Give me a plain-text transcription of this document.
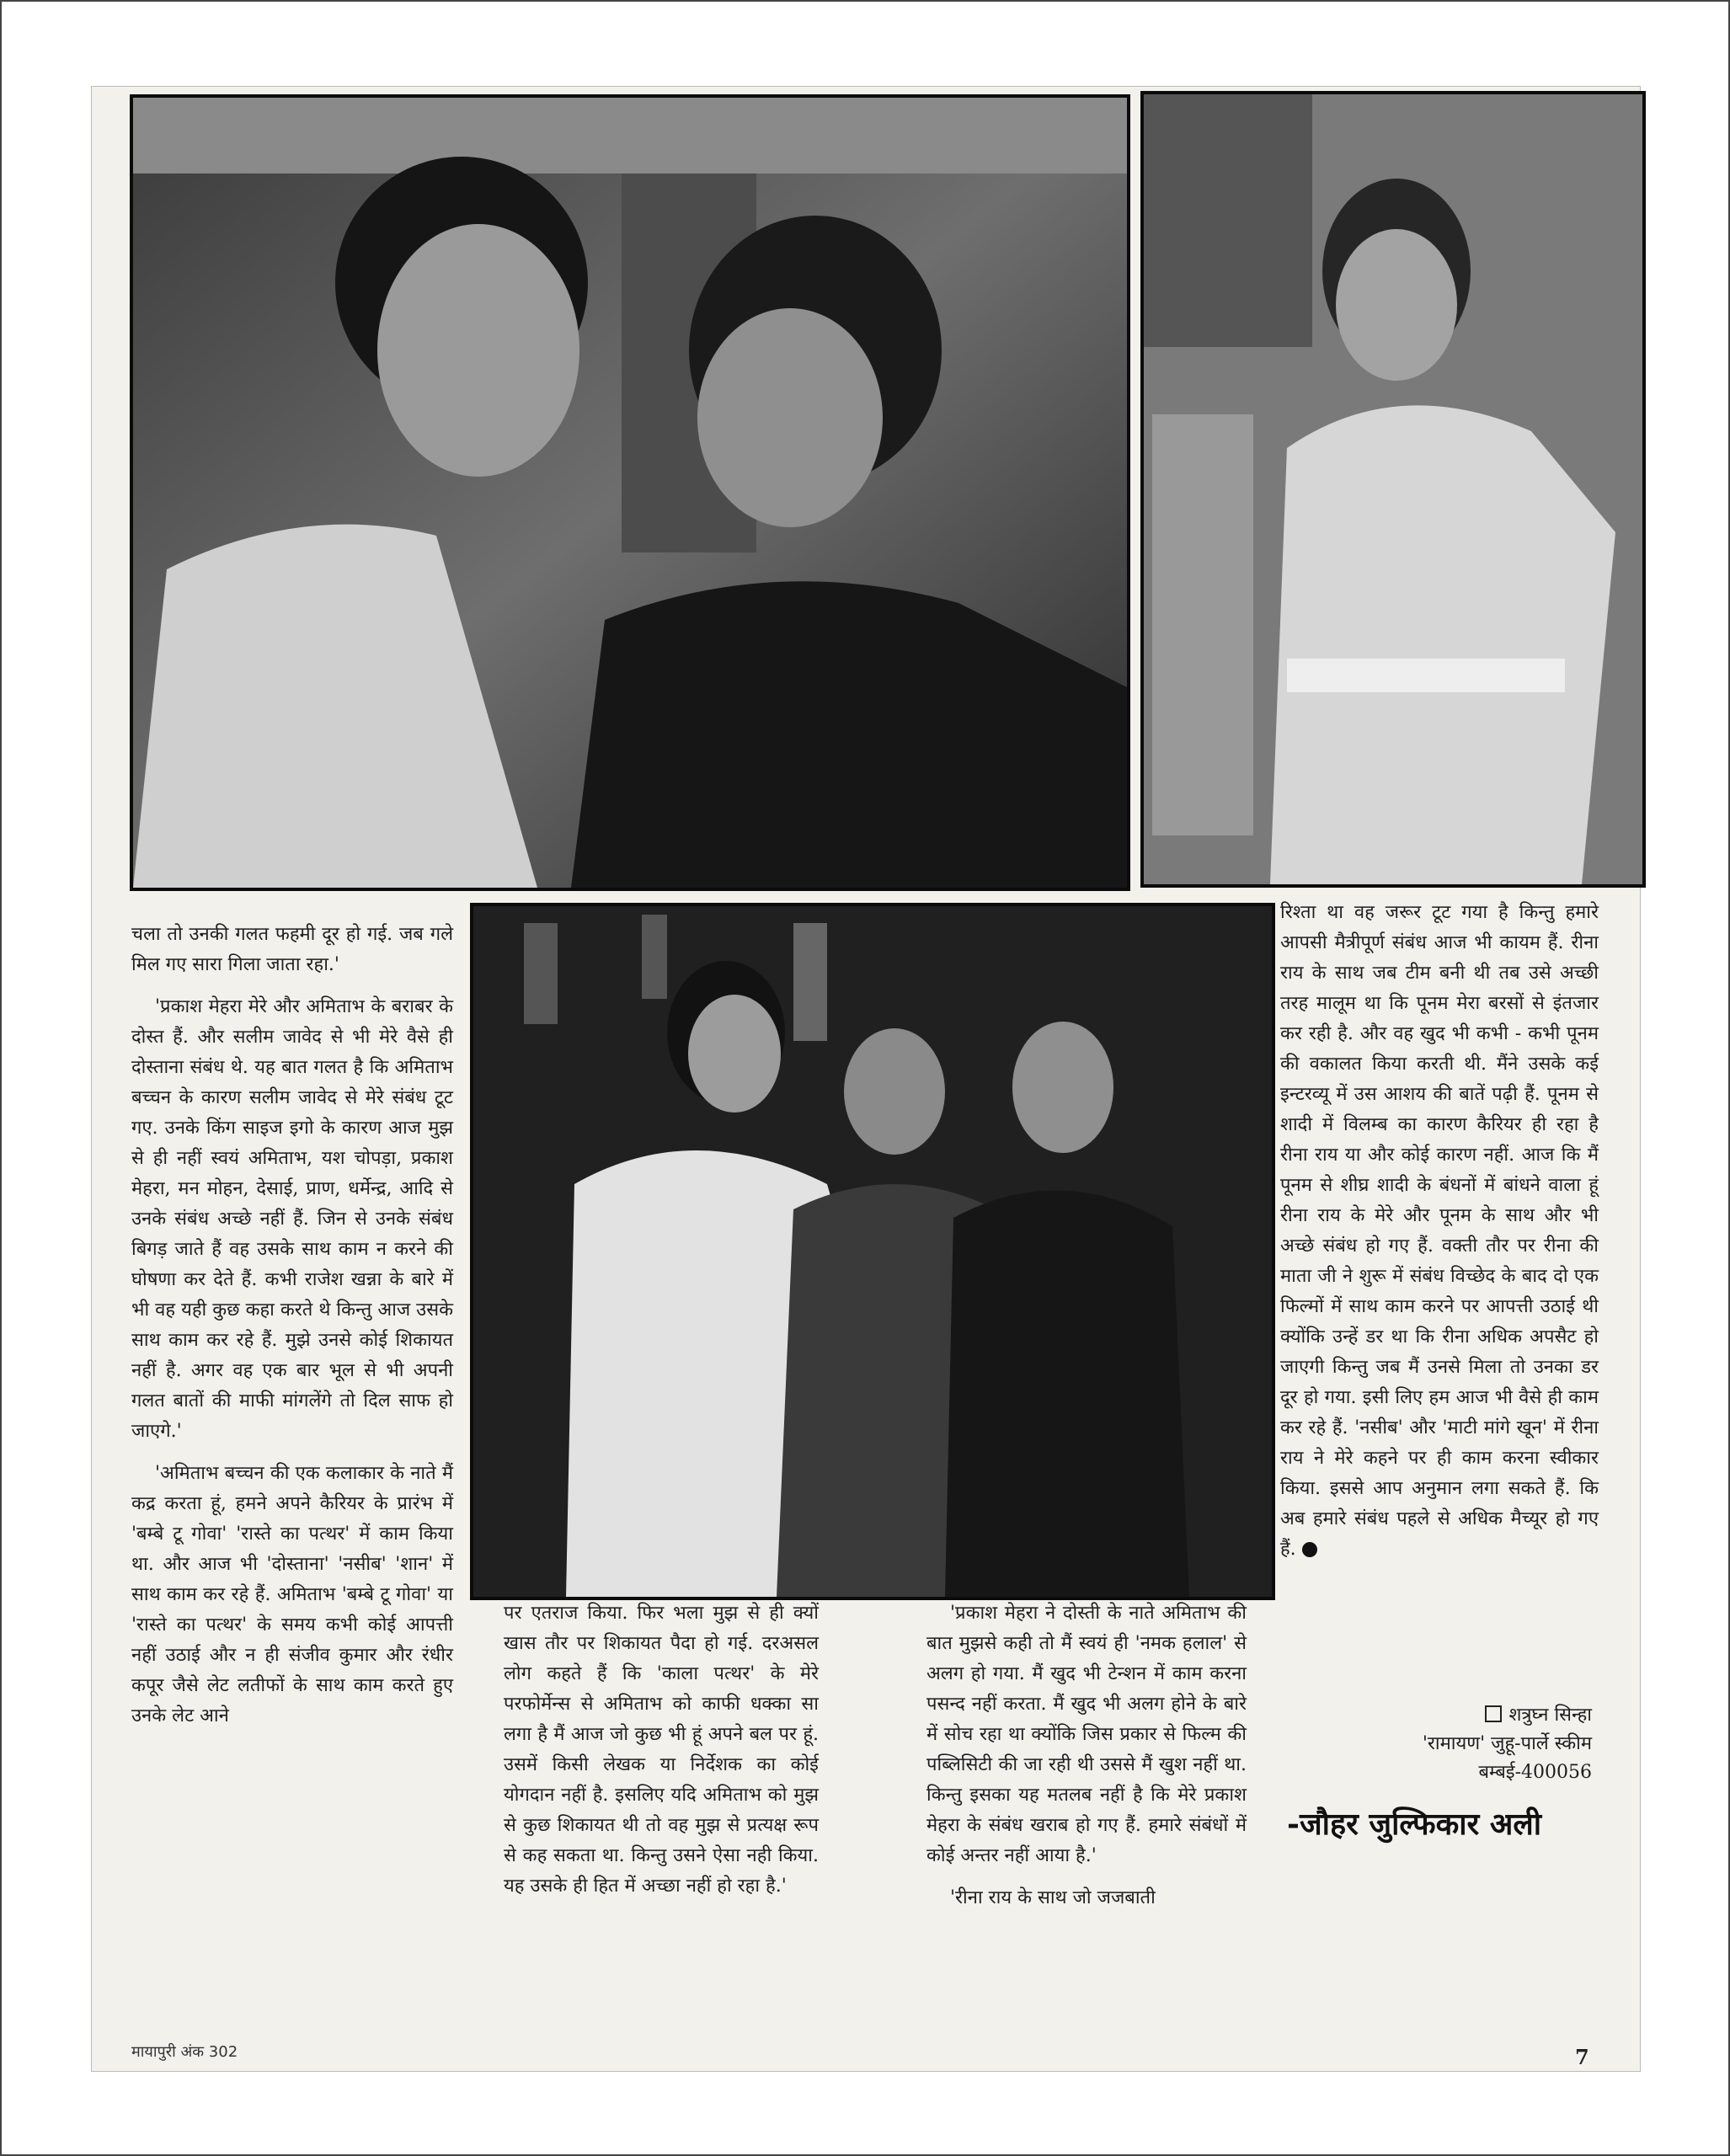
चला तो उनकी गलत फहमी दूर हो गई. जब गले मिल गए सारा गिला जाता रहा.'

'प्रकाश मेहरा मेरे और अमिताभ के बराबर के दोस्त हैं. और सलीम जावेद से भी मेरे वैसे ही दोस्ताना संबंध थे. यह बात गलत है कि अमिताभ बच्चन के कारण सलीम जावेद से मेरे संबंध टूट गए. उनके किंग साइज इगो के कारण आज मुझ से ही नहीं स्वयं अमिताभ, यश चोपड़ा, प्रकाश मेहरा, मन मोहन, देसाई, प्राण, धर्मेन्द्र, आदि से उनके संबंध अच्छे नहीं हैं. जिन से उनके संबंध बिगड़ जाते हैं वह उसके साथ काम न करने की घोषणा कर देते हैं. कभी राजेश खन्ना के बारे में भी वह यही कुछ कहा करते थे किन्तु आज उसके साथ काम कर रहे हैं. मुझे उनसे कोई शिकायत नहीं है. अगर वह एक बार भूल से भी अपनी गलत बातों की माफी मांगलेंगे तो दिल साफ हो जाएगे.'

'अमिताभ बच्चन की एक कलाकार के नाते मैं कद्र करता हूं, हमने अपने कैरियर के प्रारंभ में 'बम्बे टू गोवा' 'रास्ते का पत्थर' में काम किया था. और आज भी 'दोस्ताना' 'नसीब' 'शान' में साथ काम कर रहे हैं. अमिताभ 'बम्बे टू गोवा' या 'रास्ते का पत्थर' के समय कभी कोई आपत्ती नहीं उठाई और न ही संजीव कुमार और रंधीर कपूर जैसे लेट लतीफों के साथ काम करते हुए उनके लेट आने

पर एतराज किया. फिर भला मुझ से ही क्यों खास तौर पर शिकायत पैदा हो गई. दरअसल लोग कहते हैं कि 'काला पत्थर' के मेरे परफोर्मेन्स से अमिताभ को काफी धक्का सा लगा है मैं आज जो कुछ भी हूं अपने बल पर हूं. उसमें किसी लेखक या निर्देशक का कोई योगदान नहीं है. इसलिए यदि अमिताभ को मुझ से कुछ शिकायत थी तो वह मुझ से प्रत्यक्ष रूप से कह सकता था. किन्तु उसने ऐसा नही किया. यह उसके ही हित में अच्छा नहीं हो रहा है.'

'प्रकाश मेहरा ने दोस्ती के नाते अमिताभ की बात मुझसे कही तो मैं स्वयं ही 'नमक हलाल' से अलग हो गया. मैं खुद भी टेन्शन में काम करना पसन्द नहीं करता. मैं खुद भी अलग होने के बारे में सोच रहा था क्योंकि जिस प्रकार से फिल्म की पब्लिसिटी की जा रही थी उससे मैं खुश नहीं था. किन्तु इसका यह मतलब नहीं है कि मेरे प्रकाश मेहरा के संबंध खराब हो गए हैं. हमारे संबंधों में कोई अन्तर नहीं आया है.'

'रीना राय के साथ जो जजबाती

रिश्ता था वह जरूर टूट गया है किन्तु हमारे आपसी मैत्रीपूर्ण संबंध आज भी कायम हैं. रीना राय के साथ जब टीम बनी थी तब उसे अच्छी तरह मालूम था कि पूनम मेरा बरसों से इंतजार कर रही है. और वह खुद भी कभी - कभी पूनम की वकालत किया करती थी. मैंने उसके कई इन्टरव्यू में उस आशय की बातें पढ़ी हैं. पूनम से शादी में विलम्ब का कारण कैरियर ही रहा है रीना राय या और कोई कारण नहीं. आज कि मैं पूनम से शीघ्र शादी के बंधनों में बांधने वाला हूं रीना राय के मेरे और पूनम के साथ और भी अच्छे संबंध हो गए हैं. वक्ती तौर पर रीना की माता जी ने शुरू में संबंध विच्छेद के बाद दो एक फिल्मों में साथ काम करने पर आपत्ती उठाई थी क्योंकि उन्हें डर था कि रीना अधिक अपसैट हो जाएगी किन्तु जब मैं उनसे मिला तो उनका डर दूर हो गया. इसी लिए हम आज भी वैसे ही काम कर रहे हैं. 'नसीब' और 'माटी मांगे खून' में रीना राय ने मेरे कहने पर ही काम करना स्वीकार किया. इससे आप अनुमान लगा सकते हैं. कि अब हमारे संबंध पहले से अधिक मैच्यूर हो गए हैं.

शत्रुघ्न सिन्हा
'रामायण' जुहू-पार्ले स्कीम
बम्बई-400056
-जौहर जुल्फिकार अली
मायापुरी अंक 302	7
